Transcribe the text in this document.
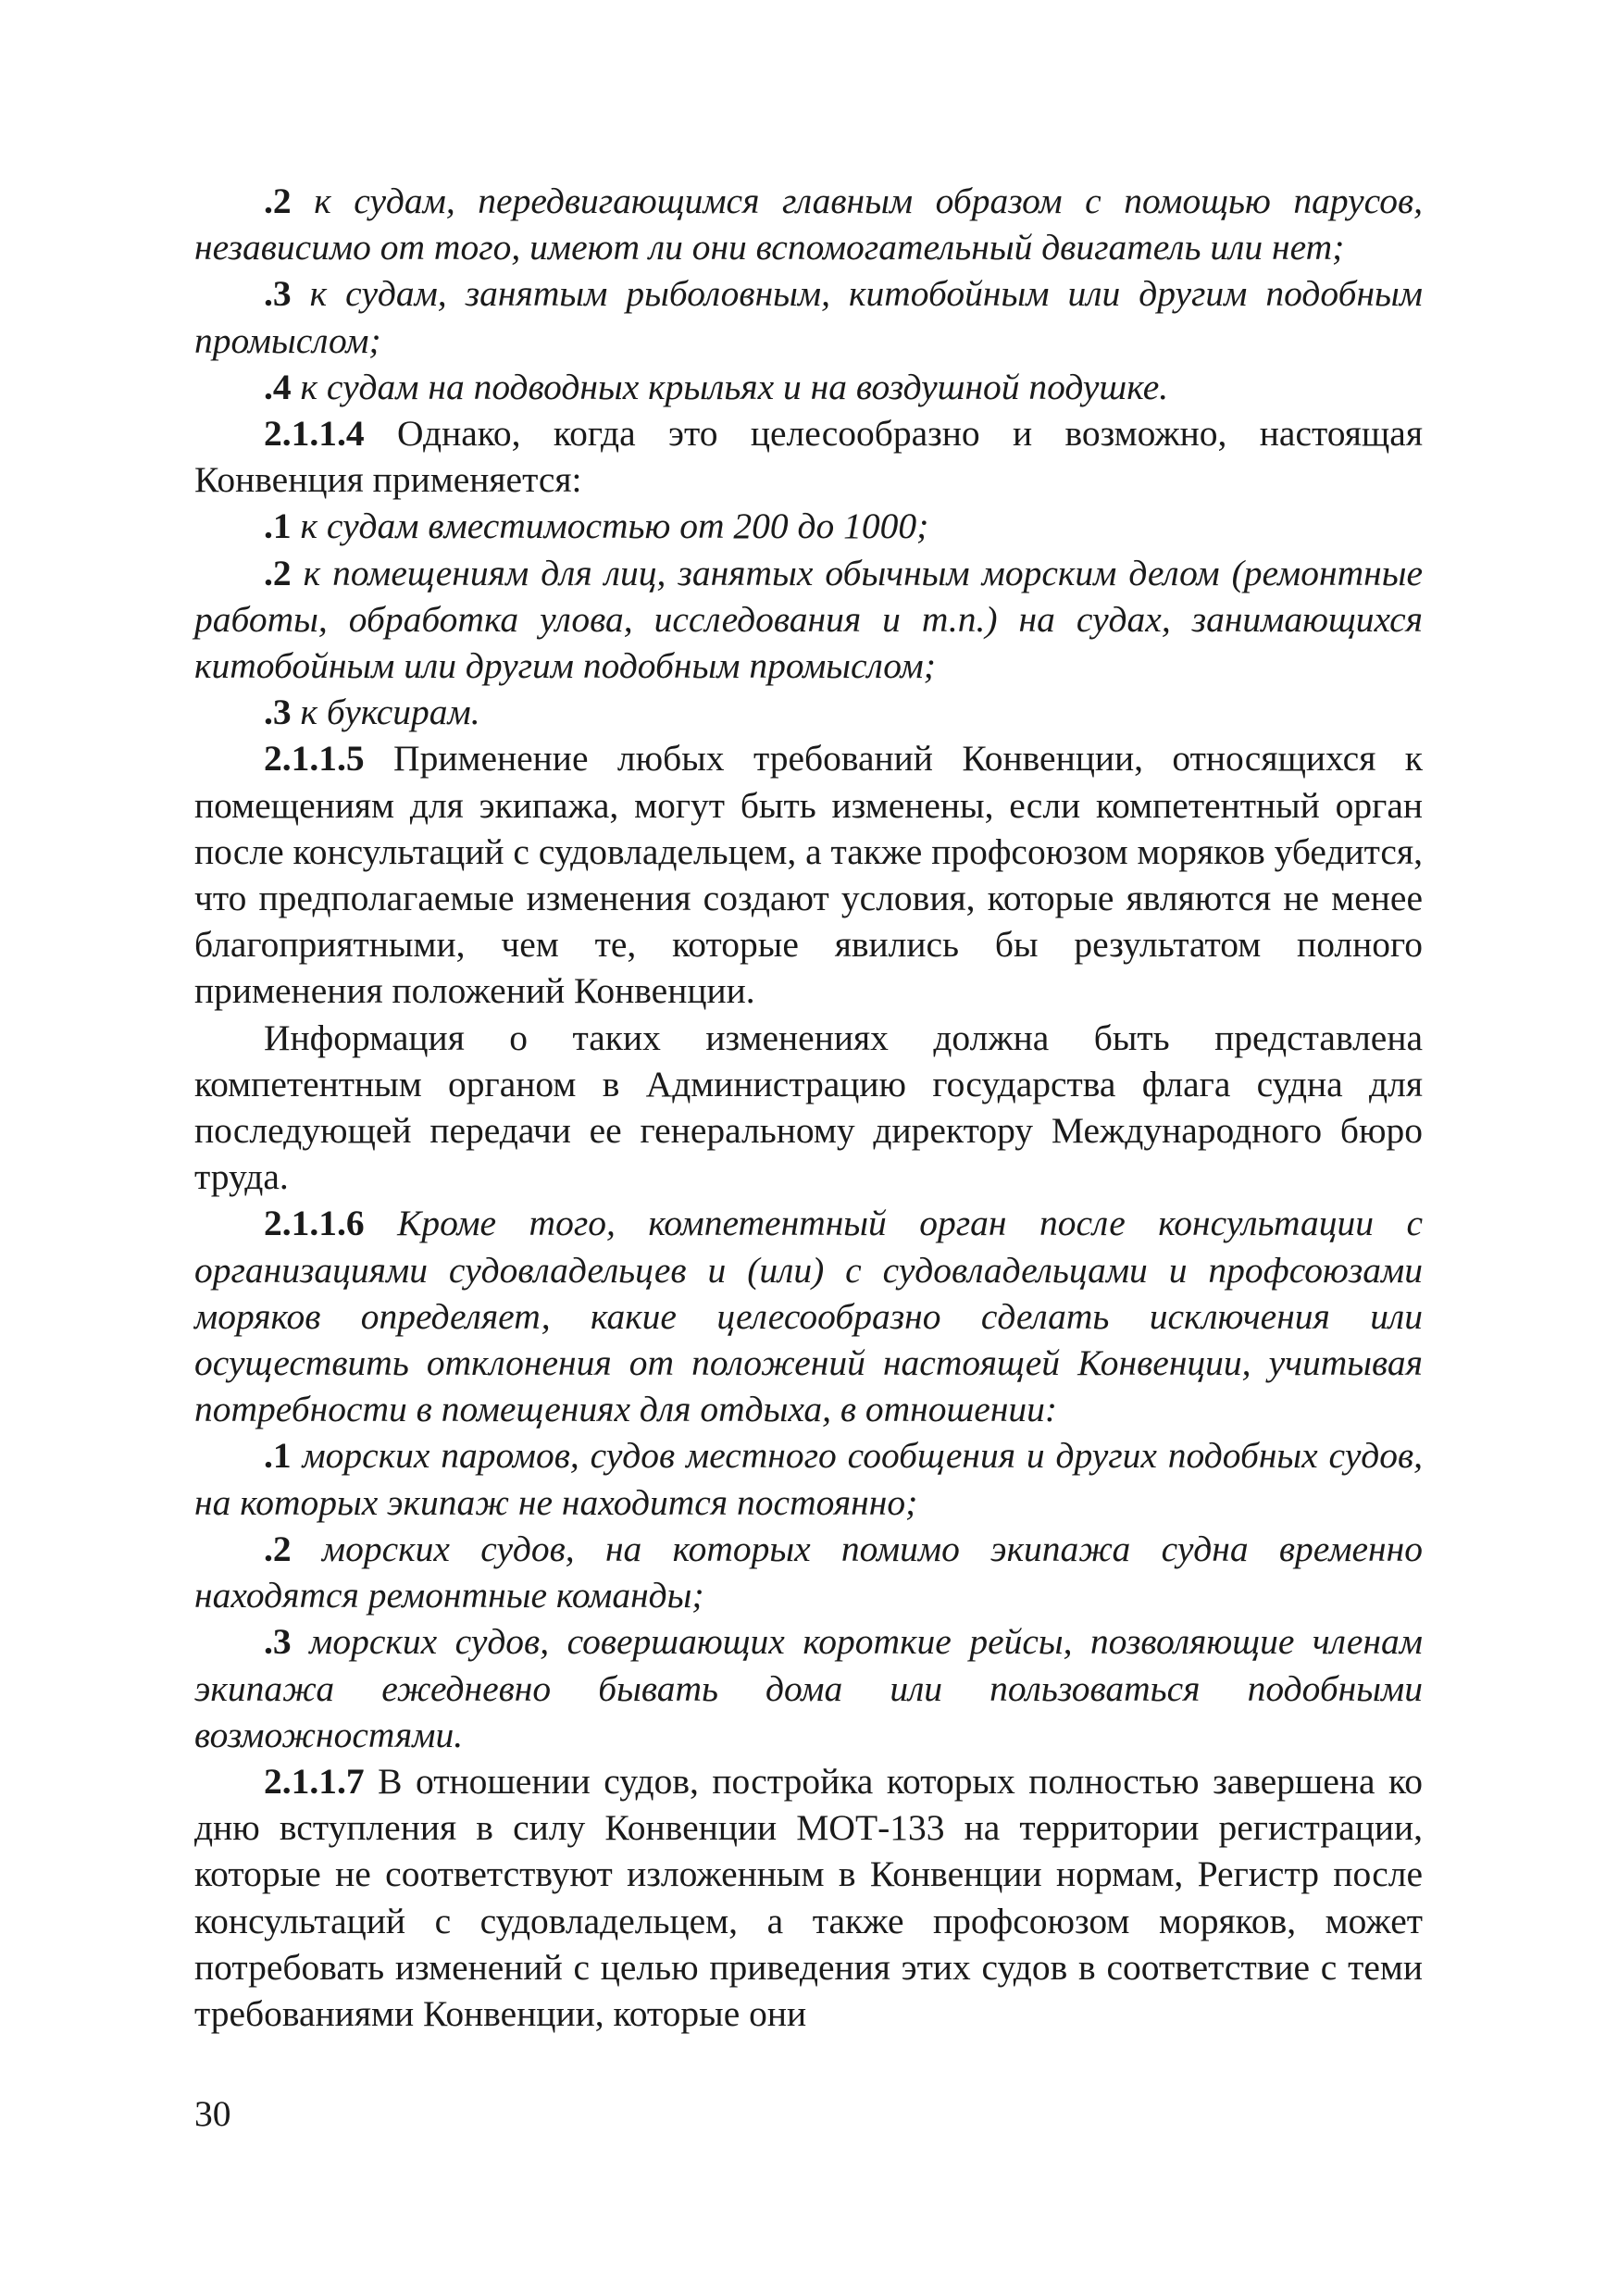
.2 к судам, передвигающимся главным образом с помощью парусов, независимо от того, имеют ли они вспомогательный двигатель или нет;

.3 к судам, занятым рыболовным, китобойным или другим подобным промыслом;

.4 к судам на подводных крыльях и на воздушной подушке.

2.1.1.4 Однако, когда это целесообразно и возможно, настоящая Конвенция применяется:

.1 к судам вместимостью от 200 до 1000;

.2 к помещениям для лиц, занятых обычным морским делом (ремонтные работы, обработка улова, исследования и т.п.) на судах, занимающихся китобойным или другим подобным промыслом;

.3 к буксирам.

2.1.1.5 Применение любых требований Конвенции, относящихся к помещениям для экипажа, могут быть изменены, если компетентный орган после консультаций с судовладельцем, а также профсоюзом моряков убедится, что предполагаемые изменения создают условия, которые являются не менее благоприятными, чем те, которые явились бы результатом полного применения положений Конвенции.

Информация о таких изменениях должна быть представлена компетентным органом в Администрацию государства флага судна для последующей передачи ее генеральному директору Международного бюро труда.

2.1.1.6 Кроме того, компетентный орган после консультации с организациями судовладельцев и (или) с судовладельцами и профсоюзами моряков определяет, какие целесообразно сделать исключения или осуществить отклонения от положений настоящей Конвенции, учитывая потребности в помещениях для отдыха, в отношении:

.1 морских паромов, судов местного сообщения и других подобных судов, на которых экипаж не находится постоянно;

.2 морских судов, на которых помимо экипажа судна временно находятся ремонтные команды;

.3 морских судов, совершающих короткие рейсы, позволяющие членам экипажа ежедневно бывать дома или пользоваться подобными возможностями.

2.1.1.7 В отношении судов, постройка которых полностью завершена ко дню вступления в силу Конвенции МОТ-133 на территории регистрации, которые не соответствуют изложенным в Конвенции нормам, Регистр после консультаций с судовладельцем, а также профсоюзом моряков, может потребовать изменений с целью приведения этих судов в соответствие с теми требованиями Конвенции, которые они

30
